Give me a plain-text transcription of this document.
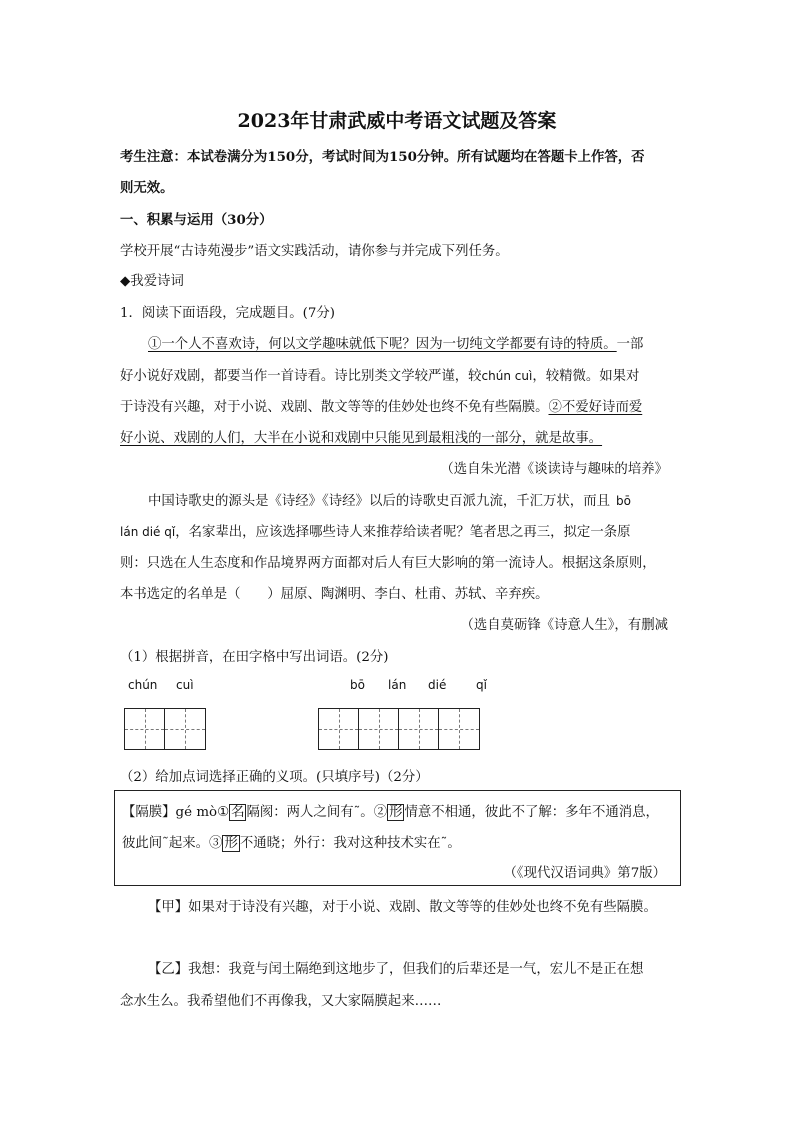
2023年甘肃武威中考语文试题及答案
考生注意：本试卷满分为150分，考试时间为150分钟。所有试题均在答题卡上作答，否
则无效。
一、积累与运用（30分）
学校开展“古诗苑漫步”语文实践活动，请你参与并完成下列任务。
◆我爱诗词
1．阅读下面语段，完成题目。(7分)
①一个人不喜欢诗，何以文学趣味就低下呢？因为一切纯文学都要有诗的特质。一部
好小说好戏剧，都要当作一首诗看。诗比别类文学较严谨，较chún cuì，较精微。如果对
于诗没有兴趣，对于小说、戏剧、散文等等的佳妙处也终不免有些隔膜。②不爱好诗而爱
好小说、戏剧的人们，大半在小说和戏剧中只能见到最粗浅的一部分，就是故事。
（选自朱光潜《谈读诗与趣味的培养》
中国诗歌史的源头是《诗经》《诗经》以后的诗歌史百派九流，千汇万状，而且 bō
lán dié qǐ，名家辈出，应该选择哪些诗人来推荐给读者呢？笔者思之再三，拟定一条原
则：只选在人生态度和作品境界两方面都对后人有巨大影响的第一流诗人。根据这条原则，
本书选定的名单是（　　）屈原、陶渊明、李白、杜甫、苏轼、辛弃疾。
（选自莫砺锋《诗意人生》，有删减
（1）根据拼音，在田字格中写出词语。(2分)
chún cuì	bō lán dié qǐ
（2）给加点词选择正确的义项。(只填序号)（2分）
【隔膜】gé mò① 名 隔阂：两人之间有˜。② 形 情意不相通，彼此不了解：多年不通消息，
彼此间˜起来。③ 形 不通晓；外行：我对这种技术实在˜。
（《现代汉语词典》第7版）
【甲】如果对于诗没有兴趣，对于小说、戏剧、散文等等的佳妙处也终不免有些隔膜。
【乙】我想：我竟与闰土隔绝到这地步了，但我们的后辈还是一气，宏儿不是正在想
念水生么。我希望他们不再像我，又大家隔膜起来……
